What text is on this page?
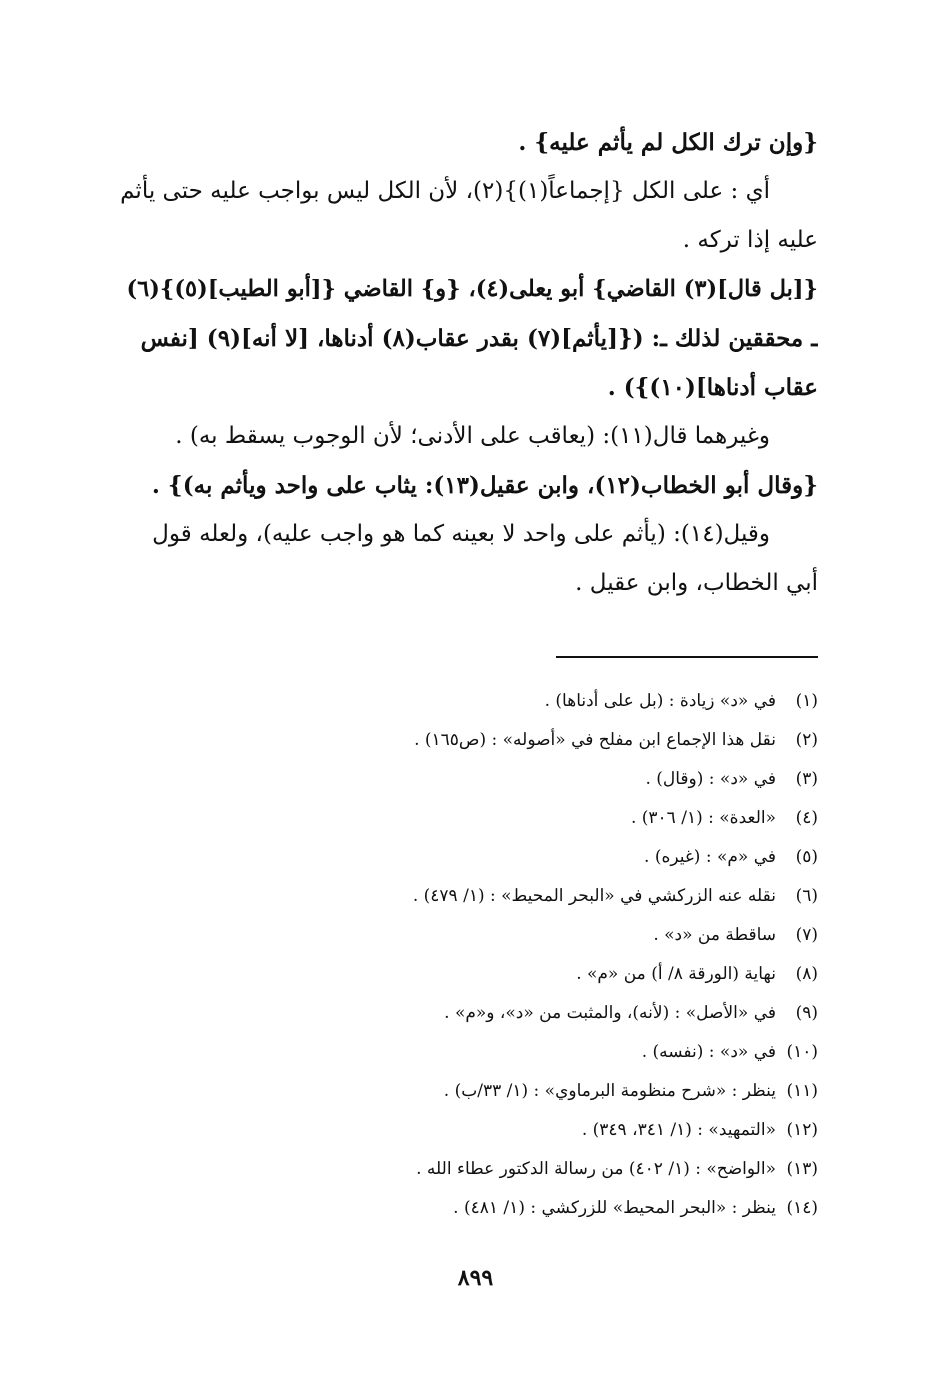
{وإن ترك الكل لم يأثم عليه} .
أي : على الكل {إجماعاً(١)}(٢)، لأن الكل ليس بواجب عليه حتى يأثم
عليه إذا تركه .
{[بل قال](٣) القاضي} أبو يعلى(٤)، {و} القاضي {[أبو الطيب](٥)}(٦)
ـ محققين لذلك ـ: ({[يأثم](٧) بقدر عقاب(٨) أدناها، [لا أنه](٩) [نفس
عقاب أدناها](١٠)}) .
وغيرهما قال(١١): (يعاقب على الأدنى؛ لأن الوجوب يسقط به) .
{وقال أبو الخطاب(١٢)، وابن عقيل(١٣): يثاب على واحد ويأثم به)} .
وقيل(١٤): (يأثم على واحد لا بعينه كما هو واجب عليه)، ولعله قول
أبي الخطاب، وابن عقيل .
(١)
في «د» زيادة : (بل على أدناها) .
(٢)
نقل هذا الإجماع ابن مفلح في «أصوله» : (ص١٦٥) .
(٣)
في «د» : (وقال) .
(٤)
«العدة» : (١/ ٣٠٦) .
(٥)
في «م» : (غيره) .
(٦)
نقله عنه الزركشي في «البحر المحيط» : (١/ ٤٧٩) .
(٧)
ساقطة من «د» .
(٨)
نهاية (الورقة ٨/ أ) من «م» .
(٩)
في «الأصل» : (لأنه)، والمثبت من «د»، و«م» .
(١٠)
في «د» : (نفسه) .
(١١)
ينظر : «شرح منظومة البرماوي» : (١/ ٣٣/ب) .
(١٢)
«التمهيد» : (١/ ٣٤١، ٣٤٩) .
(١٣)
«الواضح» : (١/ ٤٠٢) من رسالة الدكتور عطاء الله .
(١٤)
ينظر : «البحر المحيط» للزركشي : (١/ ٤٨١) .
٨٩٩
